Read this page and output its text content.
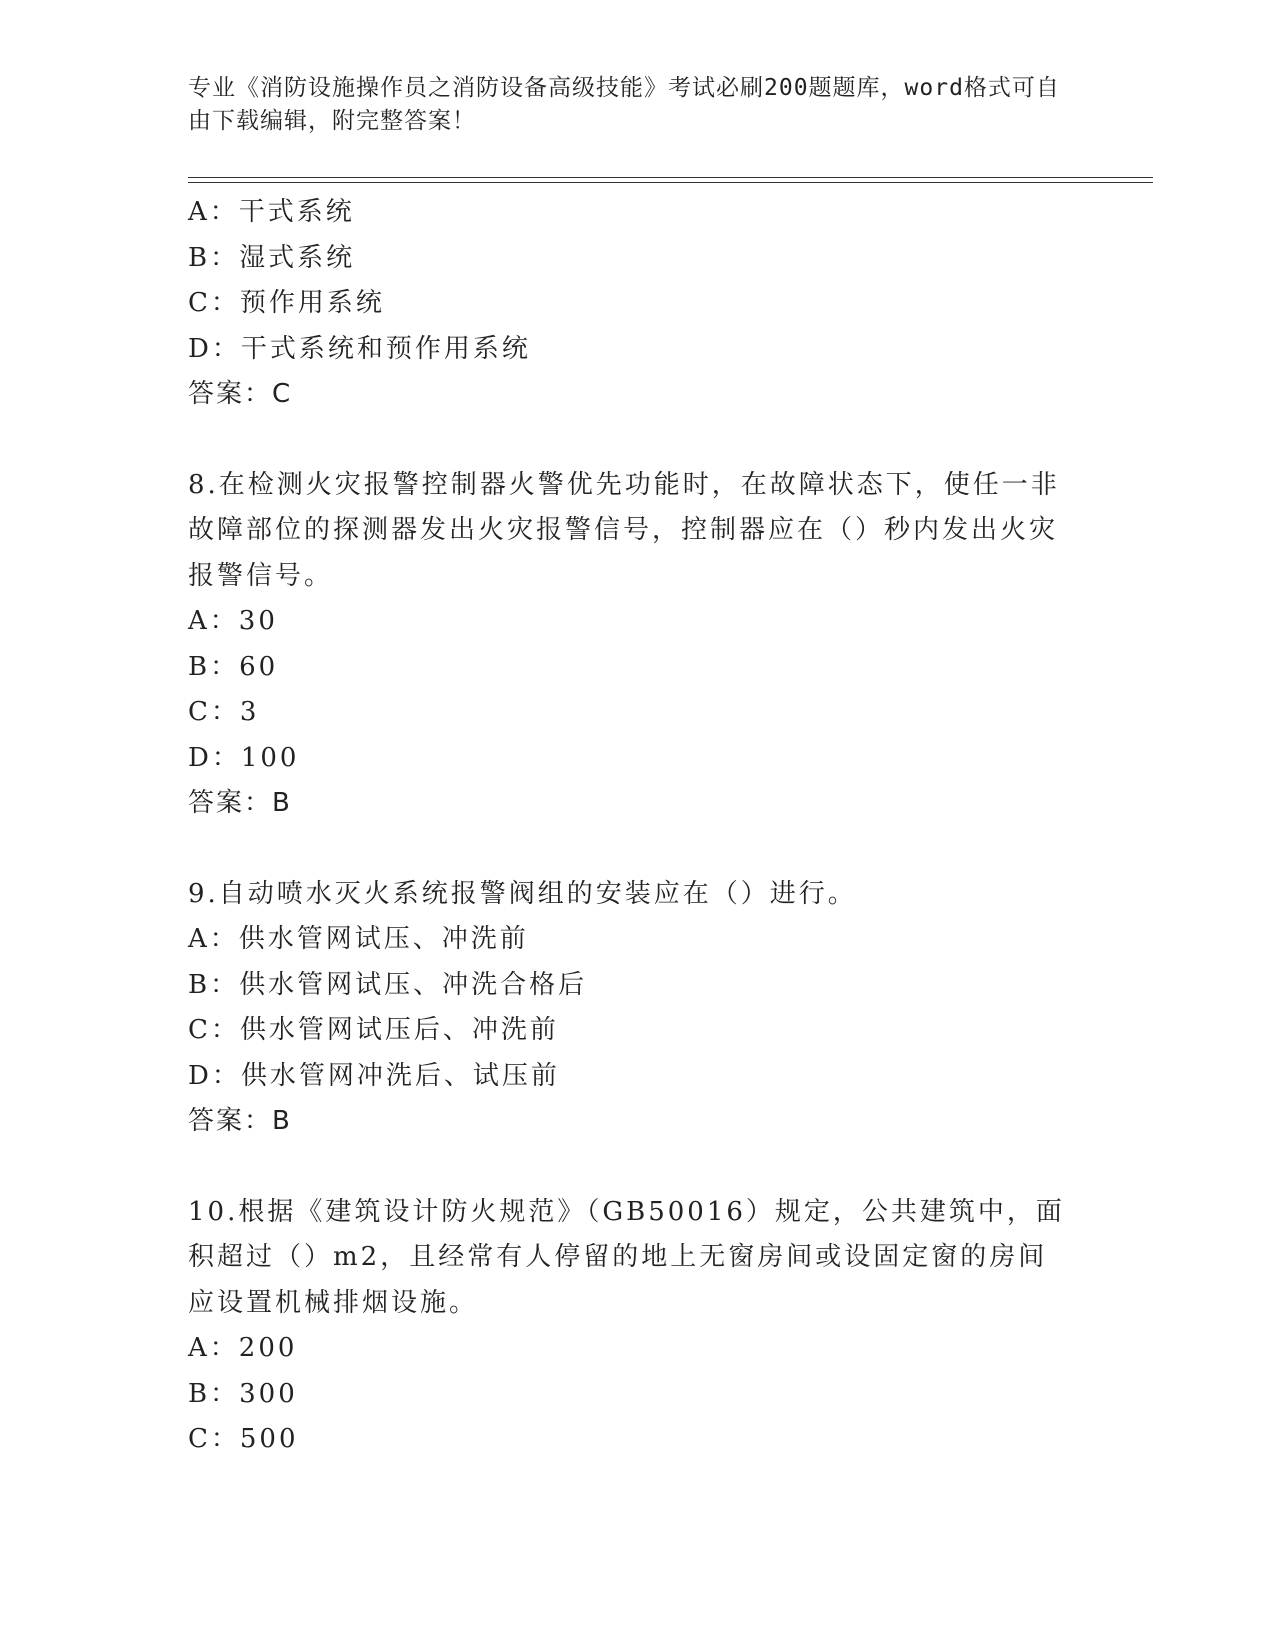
专业《消防设施操作员之消防设备高级技能》考试必刷200题题库，word格式可自由下载编辑，附完整答案！

A：干式系统

B：湿式系统

C：预作用系统

D：干式系统和预作用系统

答案：C

8.在检测火灾报警控制器火警优先功能时，在故障状态下，使任一非故障部位的探测器发出火灾报警信号，控制器应在（）秒内发出火灾报警信号。

A：30

B：60

C：3

D：100

答案：B

9.自动喷水灭火系统报警阀组的安装应在（）进行。

A：供水管网试压、冲洗前

B：供水管网试压、冲洗合格后

C：供水管网试压后、冲洗前

D：供水管网冲洗后、试压前

答案：B

10.根据《建筑设计防火规范》（GB50016）规定，公共建筑中，面积超过（）m2，且经常有人停留的地上无窗房间或设固定窗的房间应设置机械排烟设施。

A：200

B：300

C：500
